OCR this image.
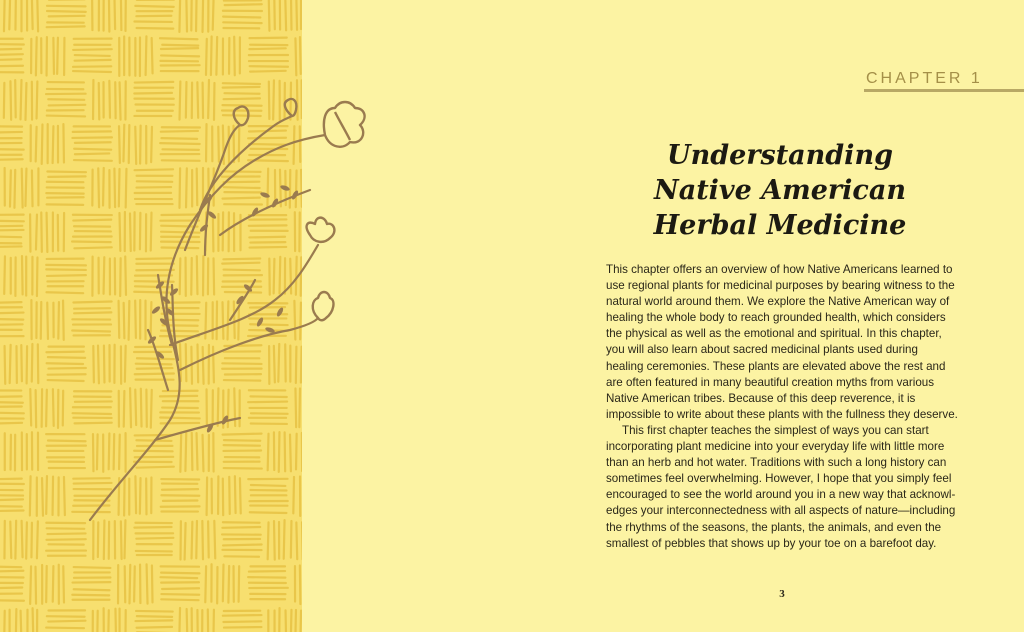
CHAPTER 1
Understanding
Native American
Herbal Medicine

This chapter offers an overview of how Native Americans learned to use regional plants for medicinal purposes by bearing witness to the natural world around them. We explore the Native American way of healing the whole body to reach grounded health, which considers the physical as well as the emotional and spiritual. In this chapter, you will also learn about sacred medicinal plants used during healing ceremonies. These plants are elevated above the rest and are often featured in many beautiful creation myths from various Native American tribes. Because of this deep reverence, it is impossible to write about these plants with the fullness they deserve.

This first chapter teaches the simplest of ways you can start incorporating plant medicine into your everyday life with little more than an herb and hot water. Traditions with such a long history can sometimes feel overwhelming. However, I hope that you simply feel encouraged to see the world around you in a new way that acknowl-edges your interconnectedness with all aspects of nature—including the rhythms of the seasons, the plants, the animals, and even the smallest of pebbles that shows up by your toe on a barefoot day.

3
